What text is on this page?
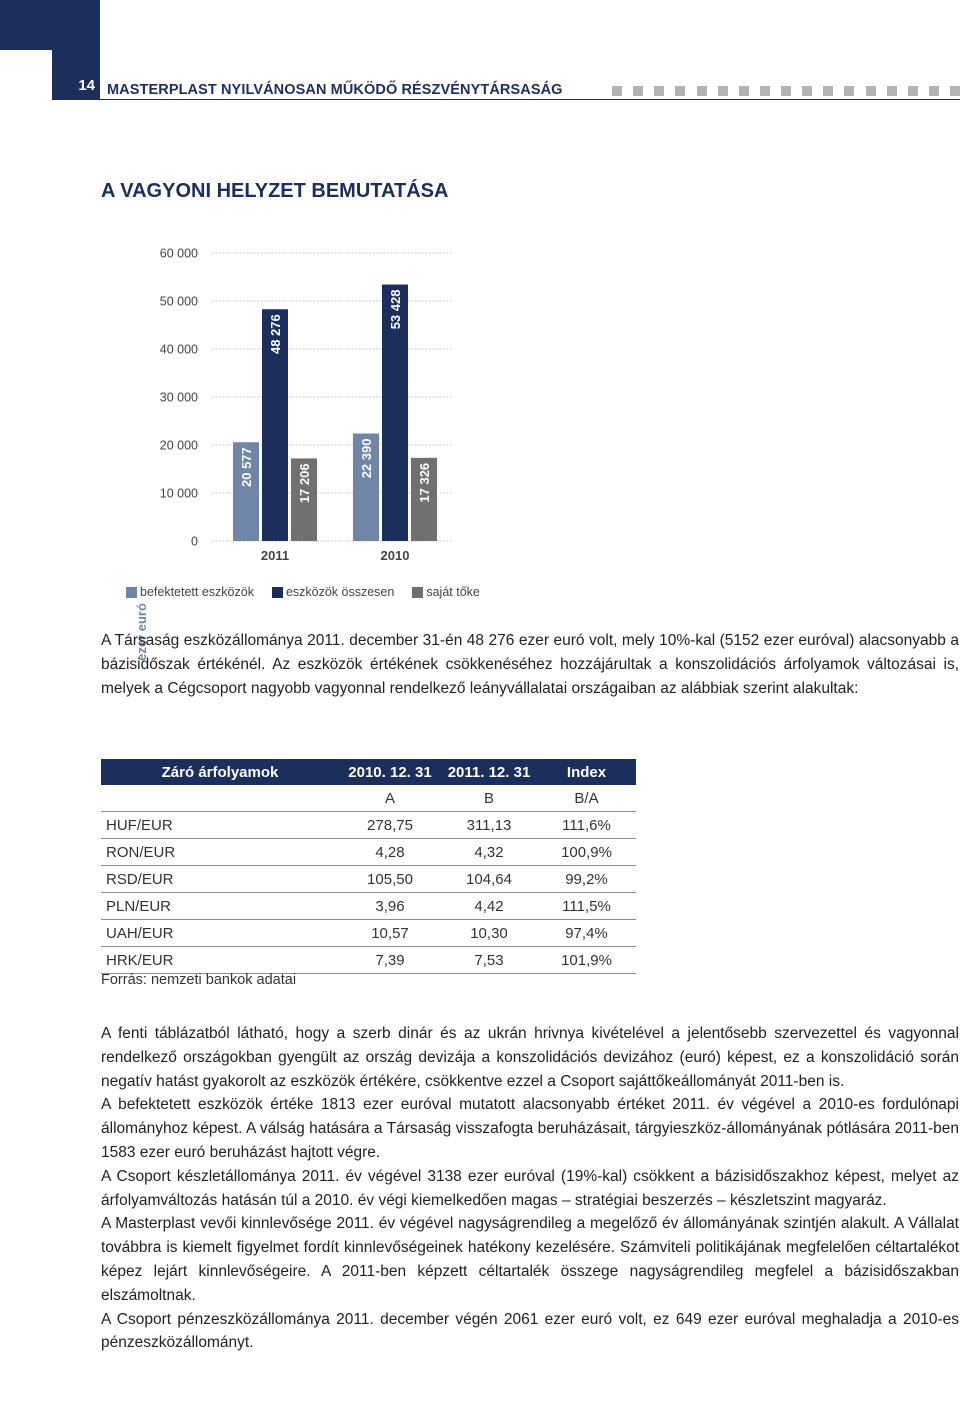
14 MASTERPLAST NYILVÁNOSAN MŰKÖDŐ RÉSZVÉNYTÁRSASÁG
A VAGYONI HELYZET BEMUTATÁSA
0
10 000
20 000
30 000
40 000
50 000
60 000
ezer euró
20 577
48 276
17 206
22 390
53 428
17 326
2011	2010
befektetett eszközök	eszközök összesen	saját tőke

A Társaság eszközállománya 2011. december 31-én 48 276 ezer euró volt, mely 10%-kal (5152 ezer euróval) alacsonyabb a bázisidőszak értékénél. Az eszközök értékének csökkenéséhez hozzájárultak a konszolidációs árfolyamok változásai is, melyek a Cégcsoport nagyobb vagyonnal rendelkező leányvállalatai országaiban az alábbiak szerint alakultak:

Záró árfolyamok	2010. 12. 31	2011. 12. 31	Index
	A	B	B/A
HUF/EUR	278,75	311,13	111,6%
RON/EUR	4,28	4,32	100,9%
RSD/EUR	105,50	104,64	99,2%
PLN/EUR	3,96	4,42	111,5%
UAH/EUR	10,57	10,30	97,4%
HRK/EUR	7,39	7,53	101,9%
Forrás: nemzeti bankok adatai

A fenti táblázatból látható, hogy a szerb dinár és az ukrán hrivnya kivételével a jelentősebb szervezettel és vagyonnal rendelkező országokban gyengült az ország devizája a konszolidációs devizához (euró) képest, ez a konszolidáció során negatív hatást gyakorolt az eszközök értékére, csökkentve ezzel a Csoport sajáttőkeállományát 2011-ben is.

A befektetett eszközök értéke 1813 ezer euróval mutatott alacsonyabb értéket 2011. év végével a 2010-es fordulónapi állományhoz képest. A válság hatására a Társaság visszafogta beruházásait, tárgyieszköz-állományának pótlására 2011-ben 1583 ezer euró beruházást hajtott végre.

A Csoport készletállománya 2011. év végével 3138 ezer euróval (19%-kal) csökkent a bázisidőszakhoz képest, melyet az árfolyamváltozás hatásán túl a 2010. év végi kiemelkedően magas – stratégiai beszerzés – készletszint magyaráz.

A Masterplast vevői kinnlevősége 2011. év végével nagyságrendileg a megelőző év állományának szintjén alakult. A Vállalat továbbra is kiemelt figyelmet fordít kinnlevőségeinek hatékony kezelésére. Számviteli politikájának megfelelően céltartalékot képez lejárt kinnlevőségeire. A 2011-ben képzett céltartalék összege nagyságrendileg megfelel a bázisidőszakban elszámoltnak.

A Csoport pénzeszközállománya 2011. december végén 2061 ezer euró volt, ez 649 ezer euróval meghaladja a 2010-es pénzeszközállományt.
